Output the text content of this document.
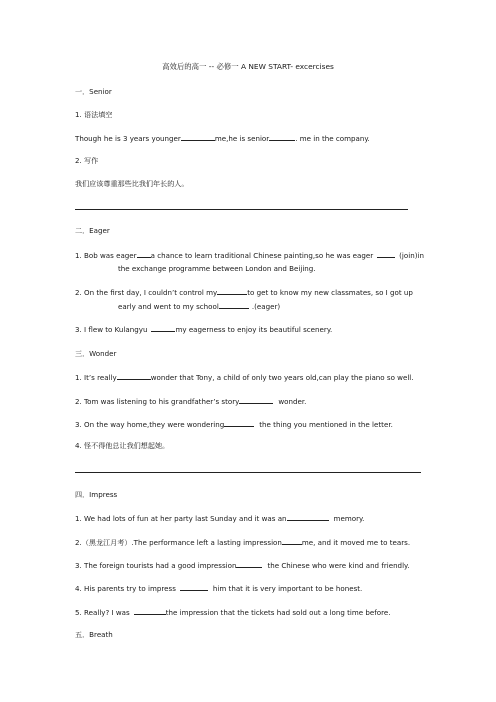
高效后的高一 -- 必修一 A NEW START- excercises
一．Senior
1. 语法填空
Though he is 3 years younger	me,he is senior	. me in the company.
2. 写作
我们应该尊重那些比我们年长的人。
二．Eager
1. Bob was eager a chance to learn traditional Chinese painting,so he was eager	(join)in
the exchange programme between London and Beijing.
2. On the first day, I couldn’t control my	to get to know my new classmates, so I got up
early and went to my school	.(eager)
3. I flew to Kulangyu	my eagerness to enjoy its beautiful scenery.
三．Wonder
1. It’s really	wonder that Tony, a child of only two years old,can play the piano so well.
2. Tom was listening to his grandfather’s story	wonder.
3. On the way home,they were wondering	the thing you mentioned in the letter.
4. 怪不得他总让我们想起她。
四．Impress
1. We had lots of fun at her party last Sunday and it was an	memory.
2.（黑龙江月考）.The performance left a lasting impression	me, and it moved me to tears.
3. The foreign tourists had a good impression	the Chinese who were kind and friendly.
4. His parents try to impress	him that it is very important to be honest.
5. Really? I was	the impression that the tickets had sold out a long time before.
五．Breath
